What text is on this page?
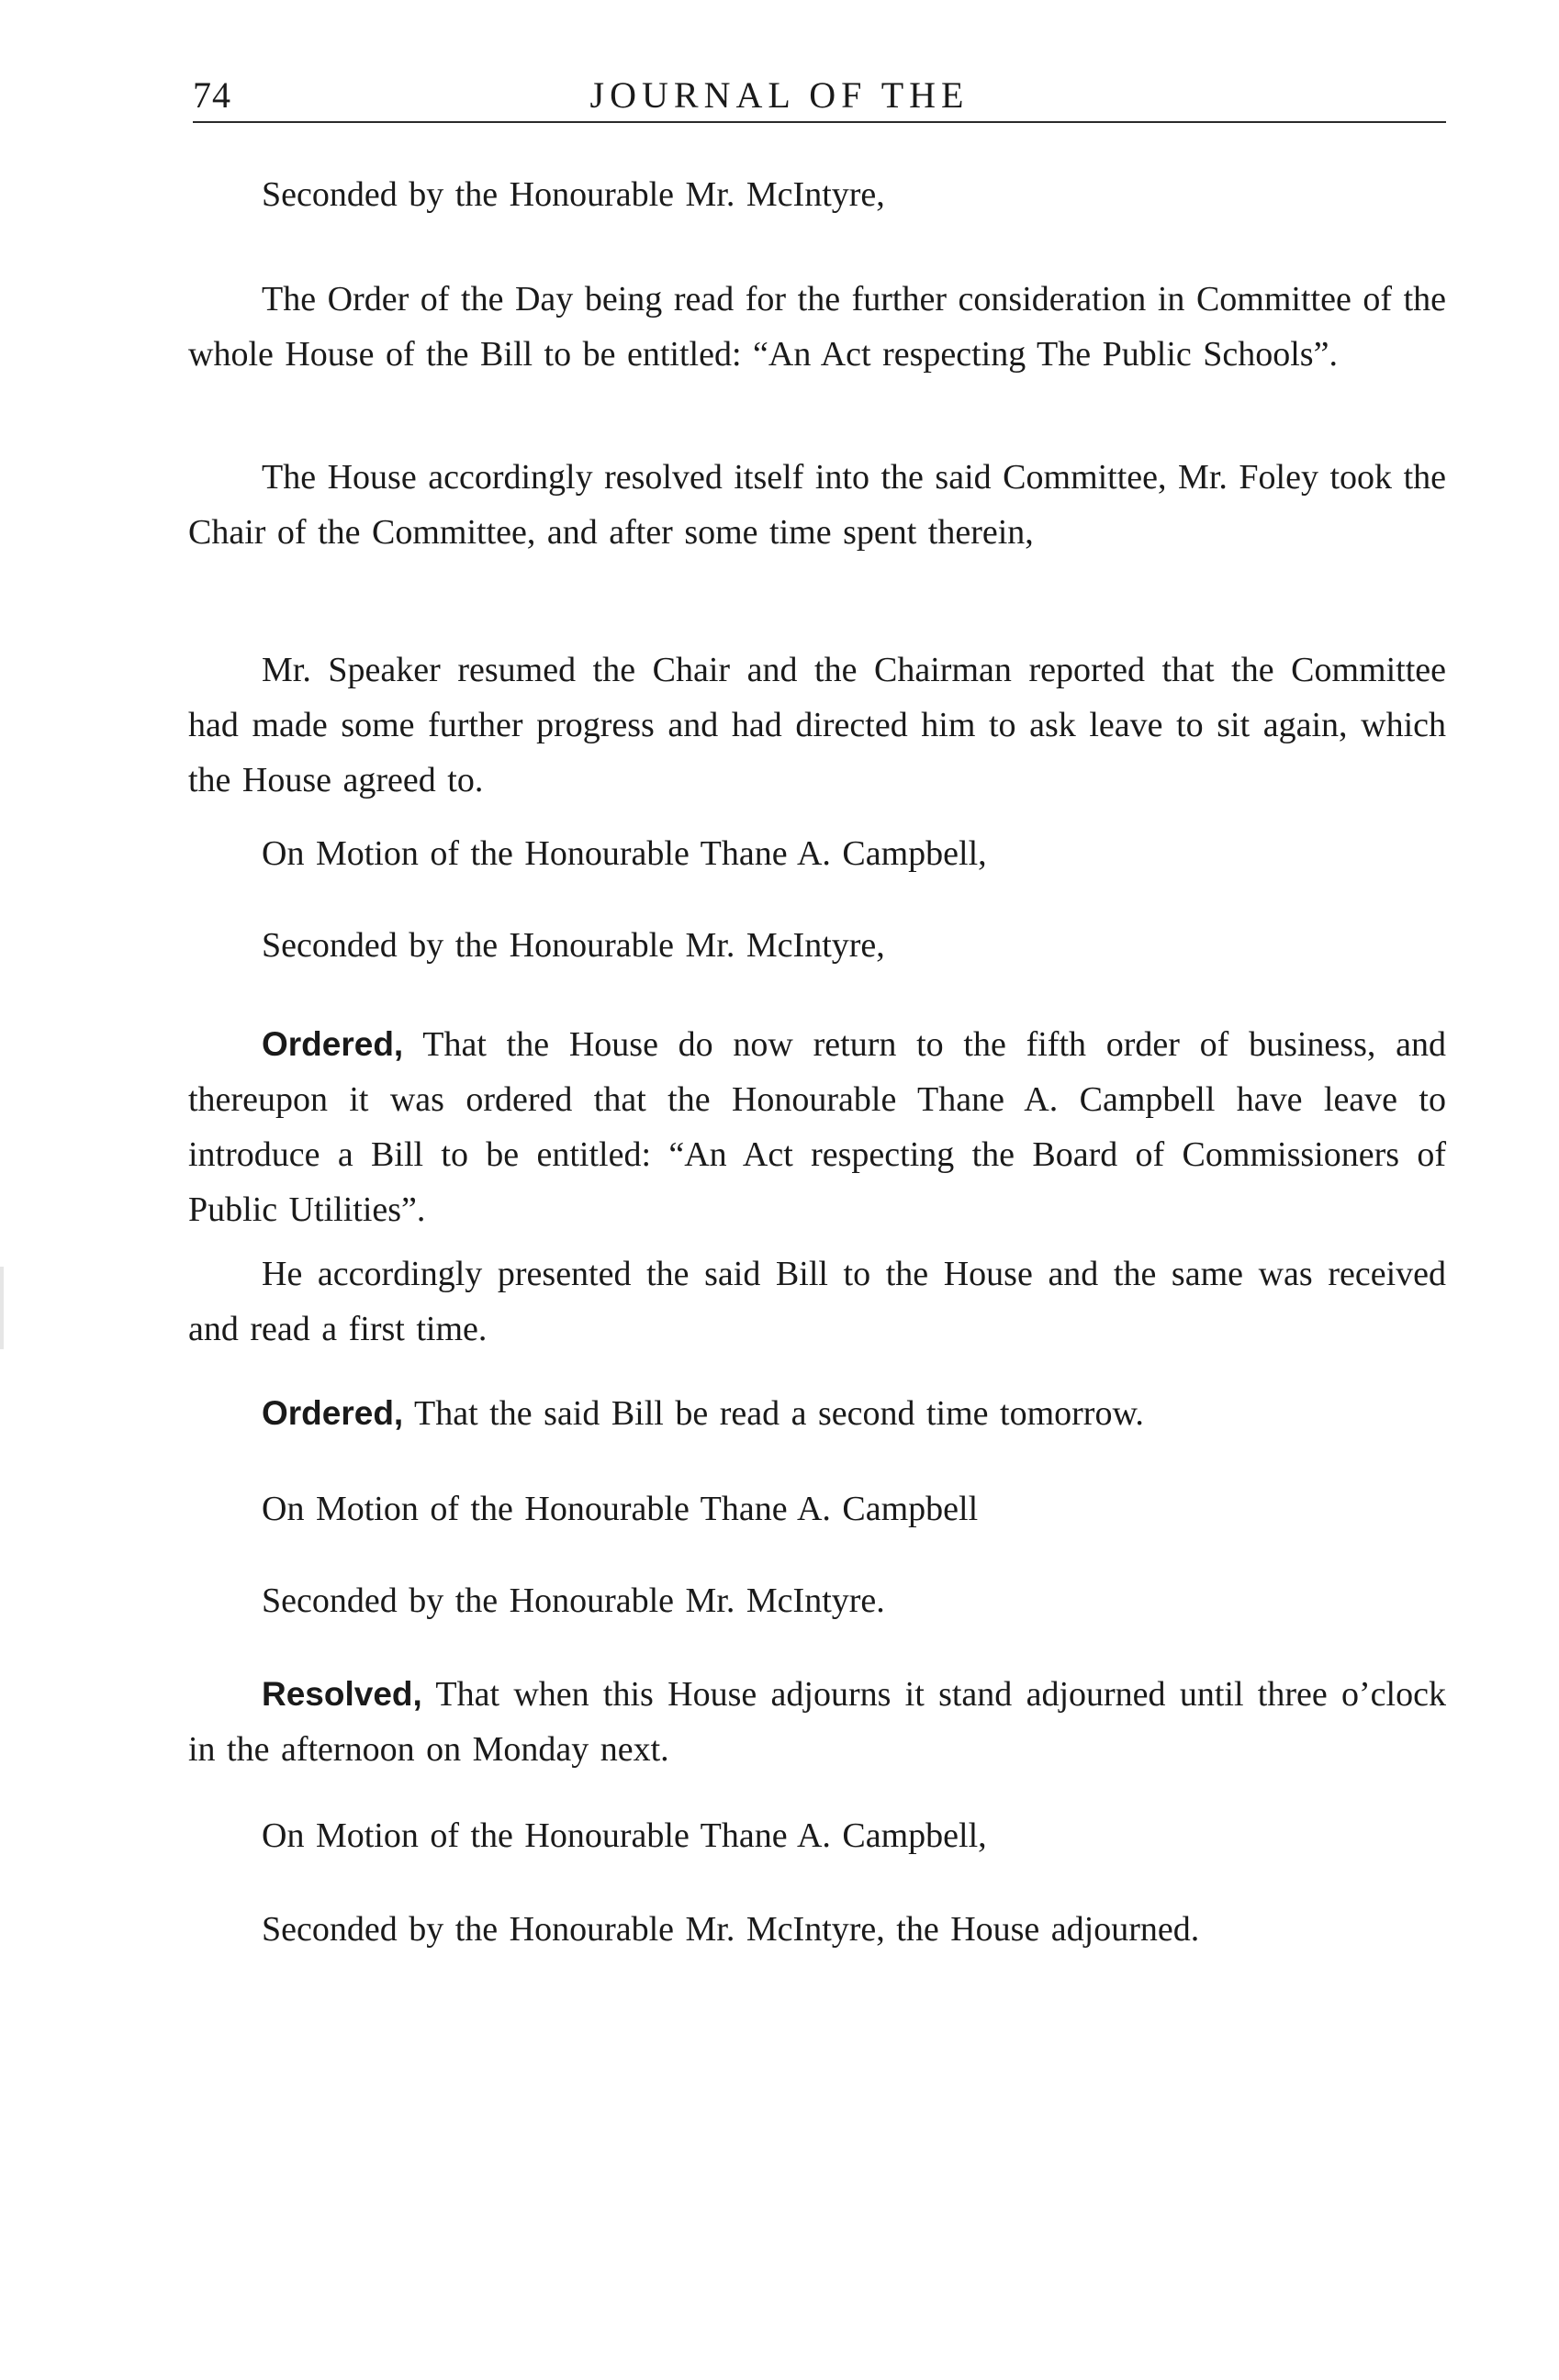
74	JOURNAL OF THE

Seconded by the Honourable Mr. McIntyre,

The Order of the Day being read for the further consideration in Committee of the whole House of the Bill to be entitled: “An Act respecting The Public Schools”.

The House accordingly resolved itself into the said Committee, Mr. Foley took the Chair of the Committee, and after some time spent therein,

Mr. Speaker resumed the Chair and the Chairman reported that the Committee had made some further progress and had directed him to ask leave to sit again, which the House agreed to.

On Motion of the Honourable Thane A. Campbell,

Seconded by the Honourable Mr. McIntyre,

Ordered, That the House do now return to the fifth order of business, and thereupon it was ordered that the Honourable Thane A. Campbell have leave to introduce a Bill to be entitled: “An Act respecting the Board of Commissioners of Public Utilities”.

He accordingly presented the said Bill to the House and the same was received and read a first time.

Ordered, That the said Bill be read a second time tomorrow.

On Motion of the Honourable Thane A. Campbell

Seconded by the Honourable Mr. McIntyre.

Resolved, That when this House adjourns it stand adjourned until three o’clock in the afternoon on Monday next.

On Motion of the Honourable Thane A. Campbell,

Seconded by the Honourable Mr. McIntyre, the House adjourned.
